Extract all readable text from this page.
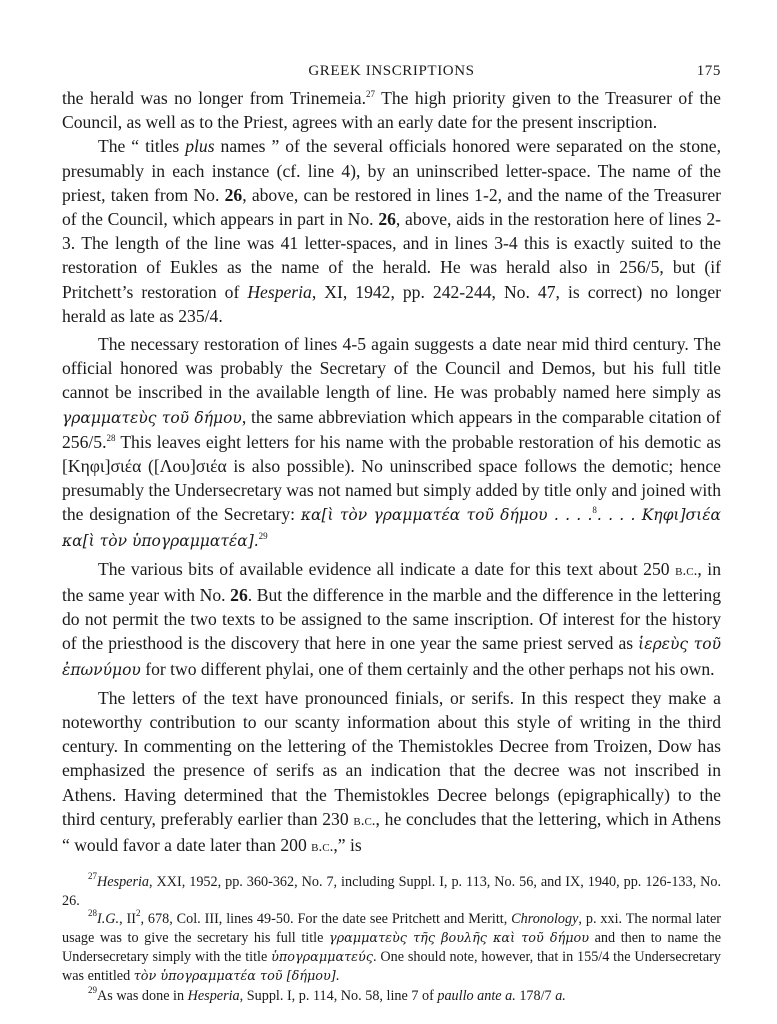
GREEK INSCRIPTIONS	175

the herald was no longer from Trinemeia.$^{27}$ The high priority given to the Treasurer of the Council, as well as to the Priest, agrees with an early date for the present inscription.

The “ titles plus names ” of the several officials honored were separated on the stone, presumably in each instance (cf. line 4), by an uninscribed letter-space. The name of the priest, taken from No. 26, above, can be restored in lines 1-2, and the name of the Treasurer of the Council, which appears in part in No. 26, above, aids in the restoration here of lines 2-3. The length of the line was 41 letter-spaces, and in lines 3-4 this is exactly suited to the restoration of Eukles as the name of the herald. He was herald also in 256/5, but (if Pritchett’s restoration of Hesperia, XI, 1942, pp. 242-244, No. 47, is correct) no longer herald as late as 235/4.

The necessary restoration of lines 4-5 again suggests a date near mid third century. The official honored was probably the Secretary of the Council and Demos, but his full title cannot be inscribed in the available length of line. He was probably named here simply as γραμματεὺς τοῦ δήμου, the same abbreviation which appears in the comparable citation of 256/5.28 This leaves eight letters for his name with the probable restoration of his demotic as [Κηφι]σιέα ([Λου]σιέα is also possible). No uninscribed space follows the demotic; hence presumably the Undersecretary was not named but simply added by title only and joined with the designation of the Secretary: κα[ὶ τὸν γραμματέα τοῦ δήμου . . . .$^8$. . . . Κηφι]σιέα κα[ὶ τὸν ὑπογραμματέα].$^{29}$

The various bits of available evidence all indicate a date for this text about 250 b.c., in the same year with No. 26. But the difference in the marble and the difference in the lettering do not permit the two texts to be assigned to the same inscription. Of interest for the history of the priesthood is the discovery that here in one year the same priest served as ἱερεὺς τοῦ ἐπωνύμου for two different phylai, one of them certainly and the other perhaps not his own.

The letters of the text have pronounced finials, or serifs. In this respect they make a noteworthy contribution to our scanty information about this style of writing in the third century. In commenting on the lettering of the Themistokles Decree from Troizen, Dow has emphasized the presence of serifs as an indication that the decree was not inscribed in Athens. Having determined that the Themistokles Decree belongs (epigraphically) to the third century, preferably earlier than 230 b.c., he concludes that the lettering, which in Athens “ would favor a date later than 200 b.c.,” is

$^{27}$Hesperia, XXI, 1952, pp. 360-362, No. 7, including Suppl. I, p. 113, No. 56, and IX, 1940, pp. 126-133, No. 26.

$^{28}$I.G., $II^2$, 678, Col. III, lines 49-50. For the date see Pritchett and Meritt, Chronology, p. xxi. The normal later usage was to give the secretary his full title γραμματεὺς τῆς βουλῆς καὶ τοῦ δήμου and then to name the Undersecretary simply with the title ὑπογραμματεύς. One should note, however, that in 155/4 the Undersecretary was entitled τὸν ὑπογραμματέα τοῦ [δήμου].

$^{29}$As was done in Hesperia, Suppl. I, p. 114, No. 58, line 7 of paullo ante a. 178/7 a.
